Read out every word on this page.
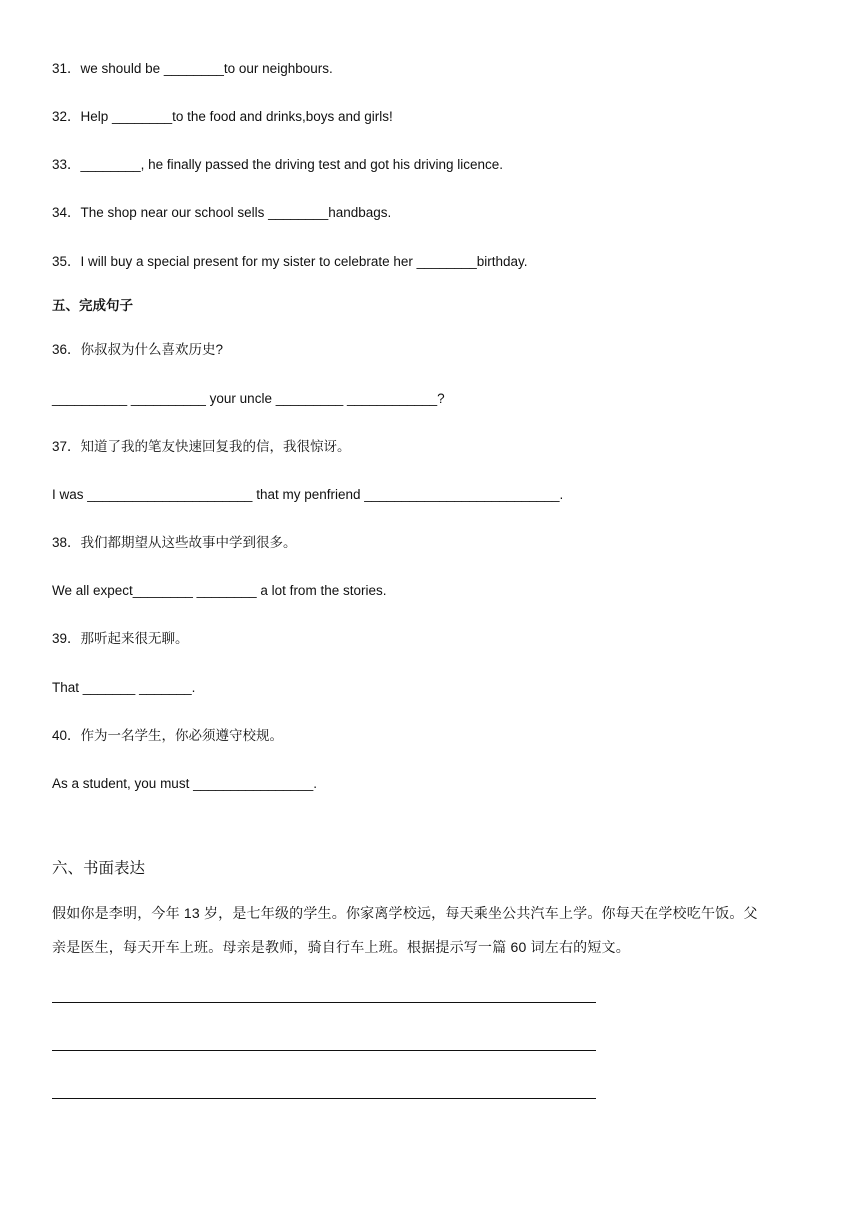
31．we should be ________to our neighbours.
32．Help ________to the food and drinks,boys and girls!
33．________, he finally passed the driving test and got his driving licence.
34．The shop near our school sells ________handbags.
35．I will buy a special present for my sister to celebrate her ________birthday.
五、完成句子
36．你叔叔为什么喜欢历史?
__________ __________ your uncle _________ ____________?
37．知道了我的笔友快速回复我的信，我很惊讶。
I was ______________________ that my penfriend __________________________.
38．我们都期望从这些故事中学到很多。
We all expect________ ________ a lot from the stories.
39．那听起来很无聊。
That _______ _______.
40．作为一名学生，你必须遵守校规。
As a student, you must ________________.
六、书面表达
假如你是李明，今年 13 岁，是七年级的学生。你家离学校远，每天乘坐公共汽车上学。你每天在学校吃午饭。父
亲是医生，每天开车上班。母亲是教师，骑自行车上班。根据提示写一篇 60 词左右的短文。
